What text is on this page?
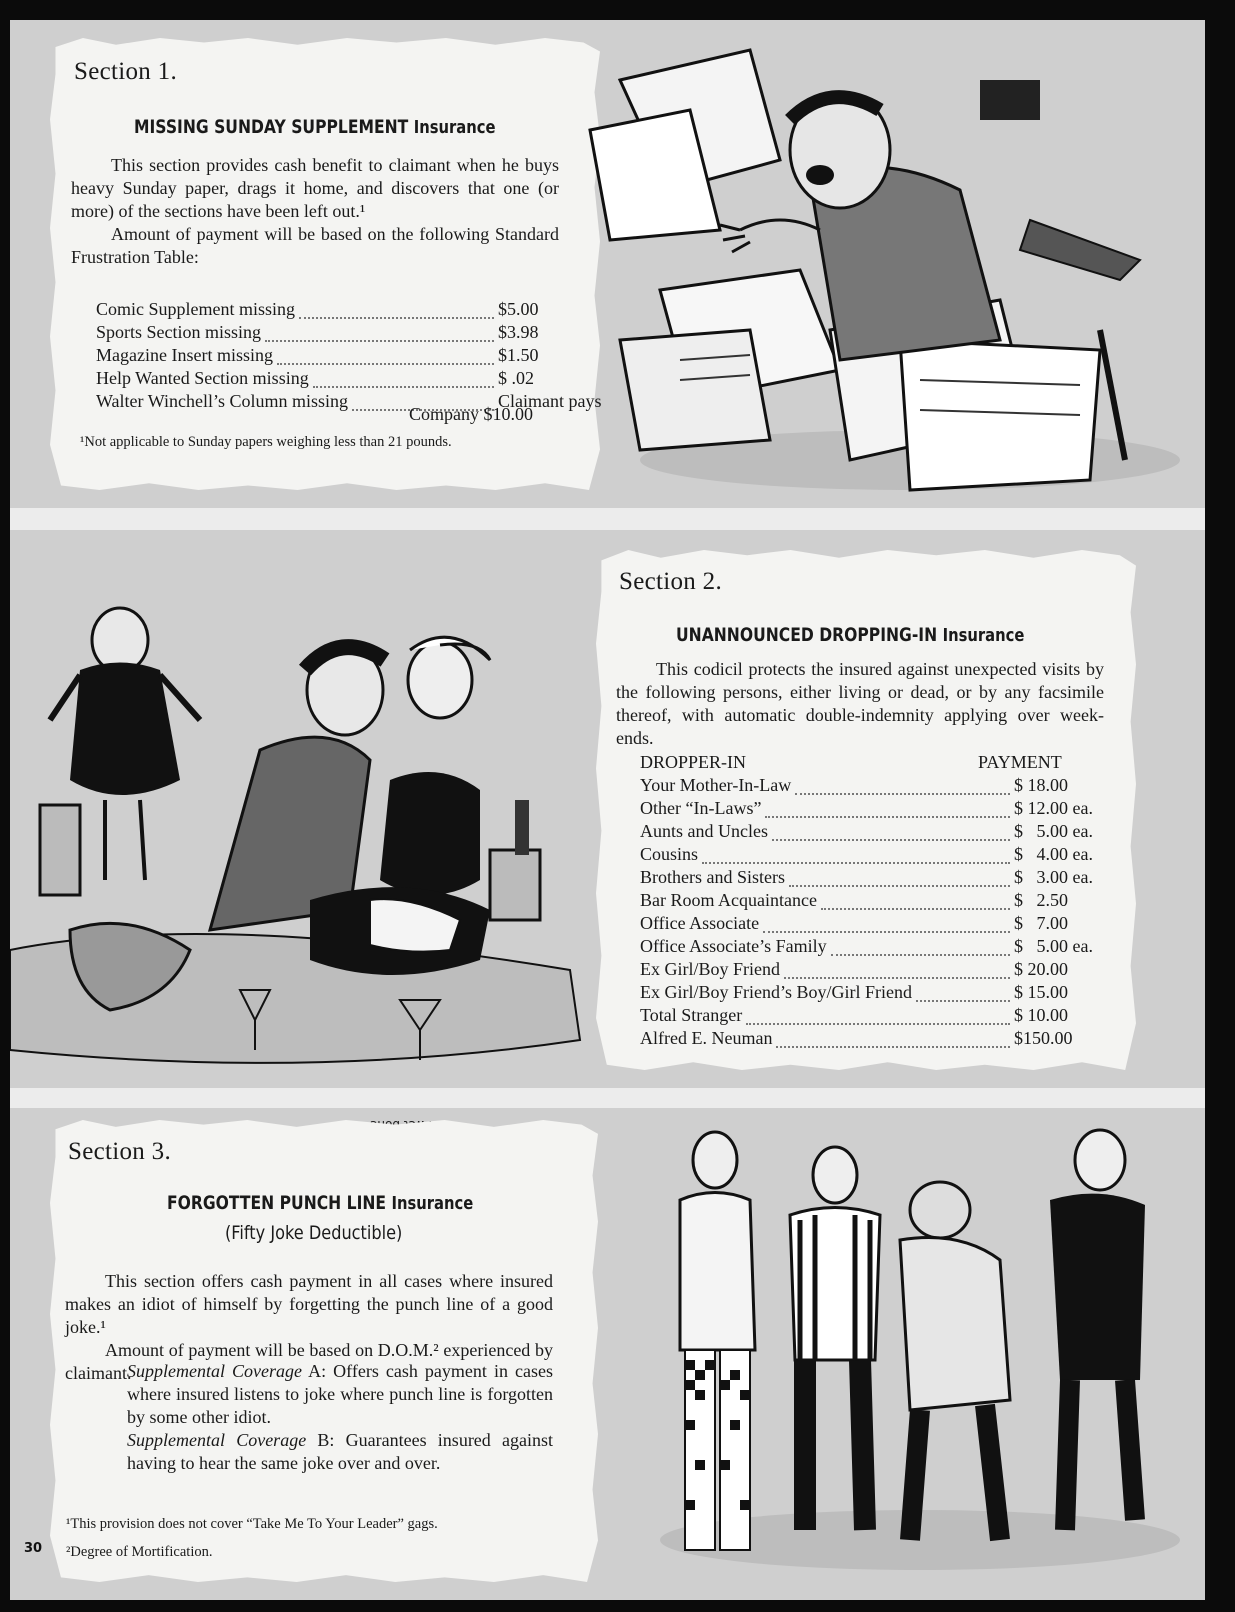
Section 1.
MISSING SUNDAY SUPPLEMENT Insurance

This section provides cash benefit to claimant when he buys heavy Sunday paper, drags it home, and discovers that one (or more) of the sections have been left out.¹

Amount of payment will be based on the following Standard Frustration Table:

Comic Supplement missing	$5.00
Sports Section missing	$3.98
Magazine Insert missing	$1.50
Help Wanted Section missing	$ .02
Walter Winchell’s Column missing	Claimant pays
Company $10.00
¹Not applicable to Sunday papers weighing less than 21 pounds.
Section 2.
UNANNOUNCED DROPPING-IN Insurance

This codicil protects the insured against unexpected visits by the following persons, either living or dead, or by any facsimile thereof, with automatic double-indemnity applying over week-ends.

DROPPER-IN	PAYMENT
Your Mother-In-Law	$ 18.00
Other “In-Laws”	$ 12.00 ea.
Aunts and Uncles	$   5.00 ea.
Cousins	$   4.00 ea.
Brothers and Sisters	$   3.00 ea.
Bar Room Acquaintance	$   2.50
Office Associate	$   7.00
Office Associate’s Family	$   5.00 ea.
Ex Girl/Boy Friend	$ 20.00
Ex Girl/Boy Friend’s Boy/Girl Friend	$ 15.00
Total Stranger	$ 10.00
Alfred E. Neuman	$150.00
Section 3.
FORGOTTEN PUNCH LINE Insurance
(Fifty Joke Deductible)

This section offers cash payment in all cases where insured makes an idiot of himself by forgetting the punch line of a good joke.¹

Amount of payment will be based on D.O.M.² experienced by claimant.

Supplemental Coverage A: Offers cash payment in cases where insured listens to joke where punch line is forgotten by some other idiot.
Supplemental Coverage B: Guarantees insured against having to hear the same joke over and over.
¹This provision does not cover “Take Me To Your Leader” gags.
²Degree of Mortification.
30
